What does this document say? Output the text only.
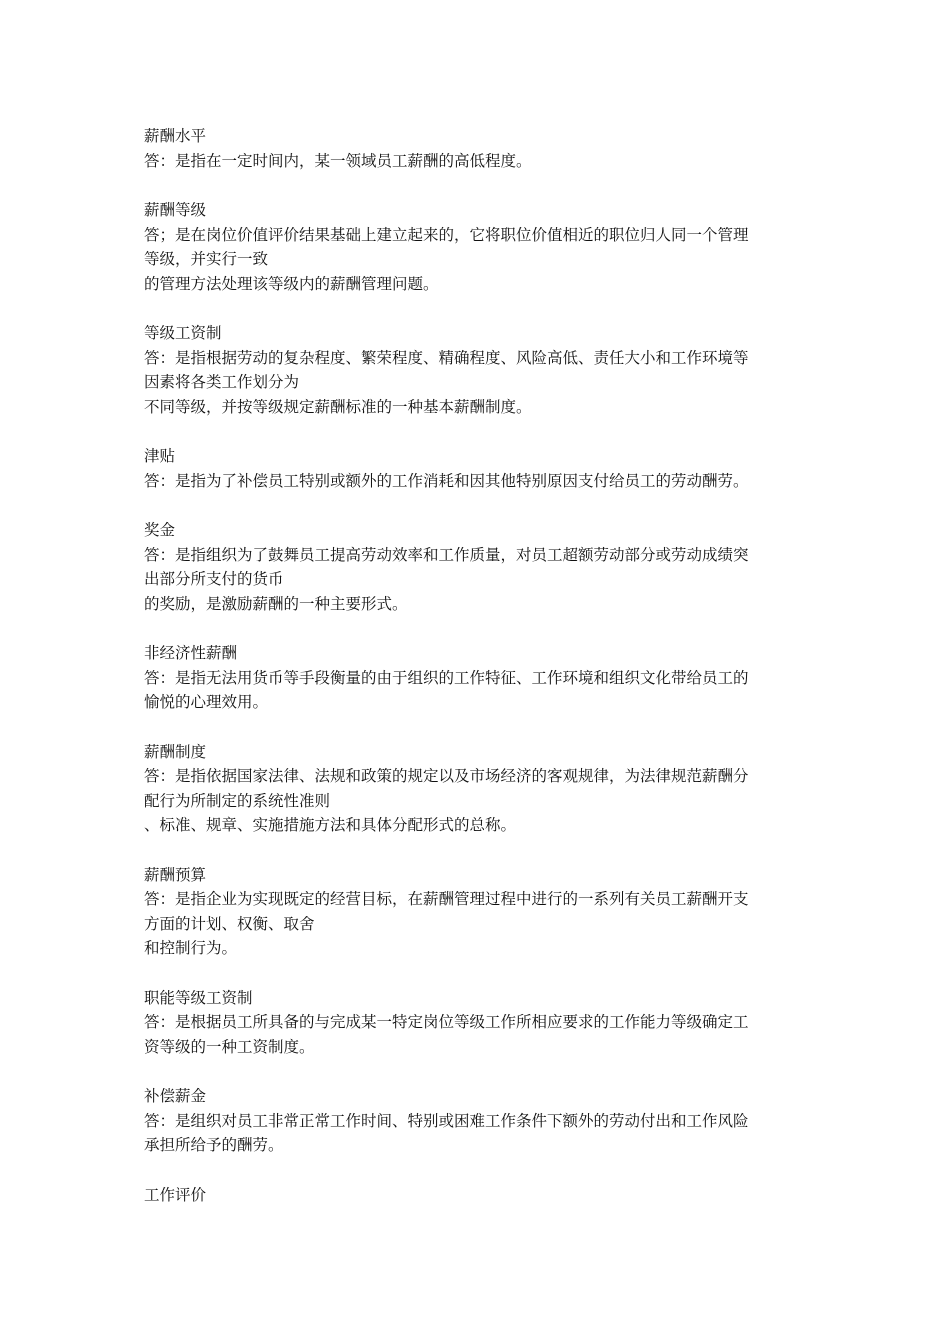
薪酬水平
答：是指在一定时间内，某一领域员工薪酬的高低程度。
薪酬等级
答；是在岗位价值评价结果基础上建立起来的，它将职位价值相近的职位归人同一个管理
等级，并实行一致
的管理方法处理该等级内的薪酬管理问题。
等级工资制
答：是指根据劳动的复杂程度、繁荣程度、精确程度、风险高低、责任大小和工作环境等
因素将各类工作划分为
不同等级，并按等级规定薪酬标准的一种基本薪酬制度。
津贴
答：是指为了补偿员工特别或额外的工作消耗和因其他特别原因支付给员工的劳动酬劳。
奖金
答：是指组织为了鼓舞员工提高劳动效率和工作质量，对员工超额劳动部分或劳动成绩突
出部分所支付的货币
的奖励，是激励薪酬的一种主要形式。
非经济性薪酬
答：是指无法用货币等手段衡量的由于组织的工作特征、工作环境和组织文化带给员工的
愉悦的心理效用。
薪酬制度
答：是指依据国家法律、法规和政策的规定以及市场经济的客观规律，为法律规范薪酬分
配行为所制定的系统性准则
、标准、规章、实施措施方法和具体分配形式的总称。
薪酬预算
答：是指企业为实现既定的经营目标，在薪酬管理过程中进行的一系列有关员工薪酬开支
方面的计划、权衡、取舍
和控制行为。
职能等级工资制
答：是根据员工所具备的与完成某一特定岗位等级工作所相应要求的工作能力等级确定工
资等级的一种工资制度。
补偿薪金
答：是组织对员工非常正常工作时间、特别或困难工作条件下额外的劳动付出和工作风险
承担所给予的酬劳。
工作评价
